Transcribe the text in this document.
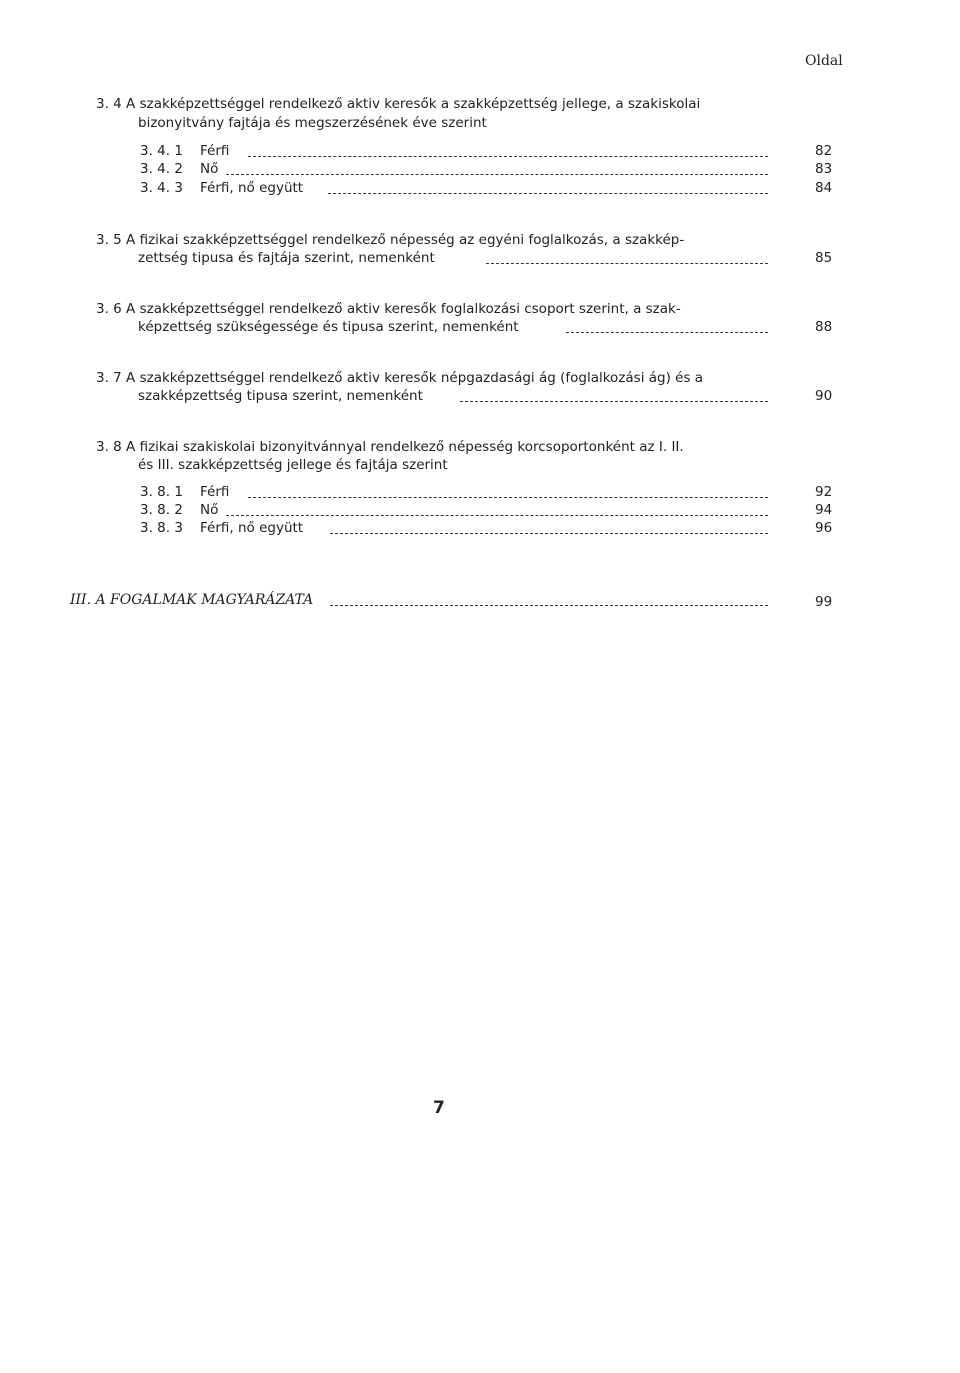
Oldal
3. 4 A szakképzettséggel rendelkező aktiv keresők a szakképzettség jellege, a szakiskolai
bizonyitvány fajtája és megszerzésének éve szerint
3. 4. 1 Férfi	82
3. 4. 2 Nő	83
3. 4. 3 Férfi, nő együtt	84
3. 5 A fizikai szakképzettséggel rendelkező népesség az egyéni foglalkozás, a szakkép-
zettség tipusa és fajtája szerint, nemenként	85
3. 6 A szakképzettséggel rendelkező aktiv keresők foglalkozási csoport szerint, a szak-
képzettség szükségessége és tipusa szerint, nemenként	88
3. 7 A szakképzettséggel rendelkező aktiv keresők népgazdasági ág (foglalkozási ág) és a
szakképzettség tipusa szerint, nemenként	90
3. 8 A fizikai szakiskolai bizonyitvánnyal rendelkező népesség korcsoportonként az I. II.
és III. szakképzettség jellege és fajtája szerint
3. 8. 1 Férfi	92
3. 8. 2 Nő	94
3. 8. 3 Férfi, nő együtt	96
III. A FOGALMAK MAGYARÁZATA	99
7
